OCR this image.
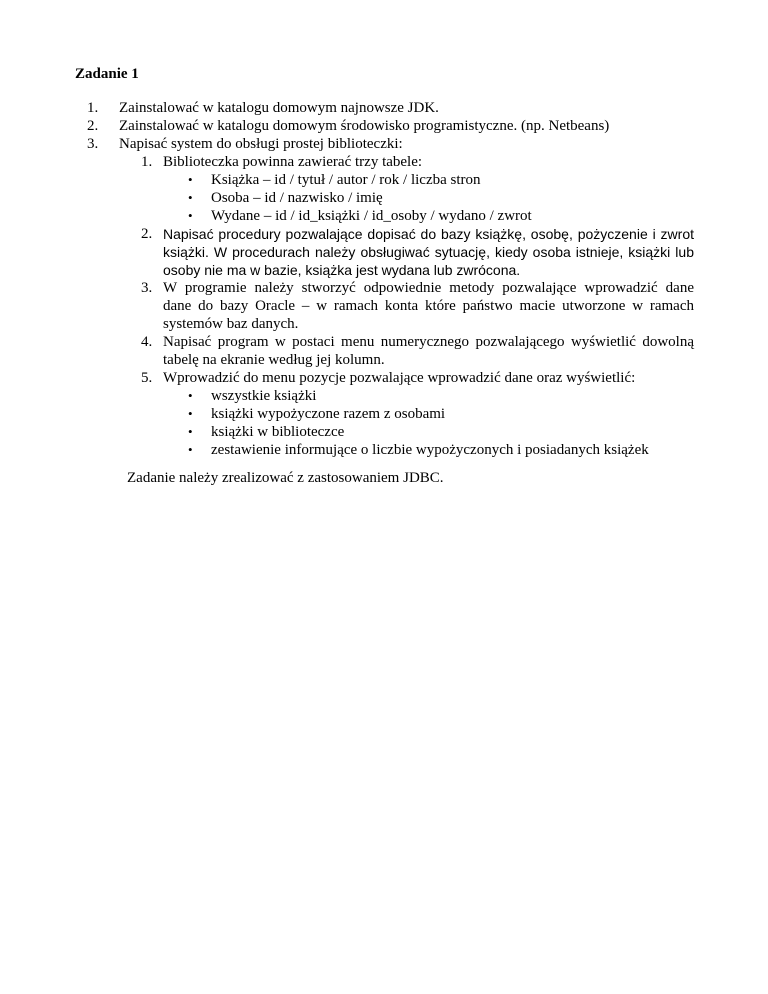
Zadanie 1
1. Zainstalować w katalogu domowym najnowsze JDK.
2. Zainstalować w katalogu domowym środowisko programistyczne. (np. Netbeans)
3. Napisać system do obsługi prostej biblioteczki:
1. Biblioteczka powinna zawierać trzy tabele:
• Książka – id / tytuł / autor / rok / liczba stron
• Osoba – id / nazwisko / imię
• Wydane – id / id_książki / id_osoby / wydano / zwrot
2. Napisać procedury pozwalające dopisać do bazy książkę, osobę, pożyczenie i zwrot
książki. W procedurach należy obsługiwać sytuację, kiedy osoba istnieje, książki lub
osoby nie ma w bazie, książka jest wydana lub zwrócona.
3. W programie należy stworzyć odpowiednie metody pozwalające wprowadzić dane
dane do bazy Oracle – w ramach konta które państwo macie utworzone w ramach
systemów baz danych.
4. Napisać program w postaci menu numerycznego pozwalającego wyświetlić dowolną
tabelę na ekranie według jej kolumn.
5. Wprowadzić do menu pozycje pozwalające wprowadzić dane oraz wyświetlić:
• wszystkie książki
• książki wypożyczone razem z osobami
• książki w biblioteczce
• zestawienie informujące o liczbie wypożyczonych i posiadanych książek
Zadanie należy zrealizować z zastosowaniem JDBC.
